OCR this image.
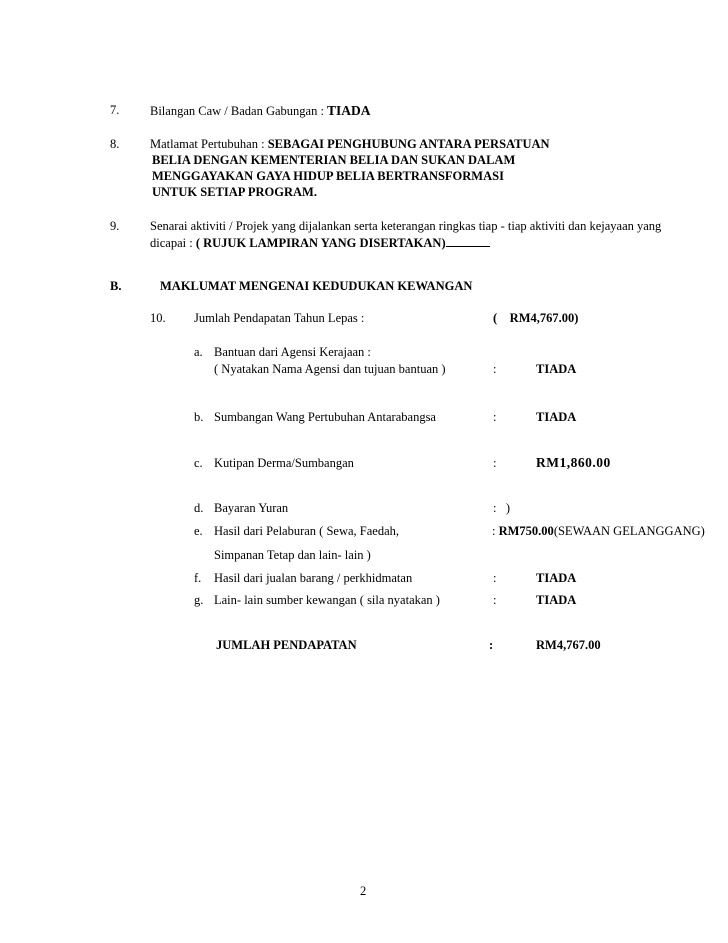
7. Bilangan Caw / Badan Gabungan : TIADA
8. Matlamat Pertubuhan : SEBAGAI PENGHUBUNG ANTARA PERSATUAN
BELIA DENGAN KEMENTERIAN BELIA DAN SUKAN DALAM
MENGGAYAKAN GAYA HIDUP BELIA BERTRANSFORMASI
UNTUK SETIAP PROGRAM.
9. Senarai aktiviti / Projek yang dijalankan serta keterangan ringkas tiap - tiap aktiviti dan kejayaan yang
dicapai : ( RUJUK LAMPIRAN YANG DISERTAKAN)
B.	MAKLUMAT MENGENAI KEDUDUKAN KEWANGAN
10. Jumlah Pendapatan Tahun Lepas :	(    RM4,767.00)
a. Bantuan dari Agensi Kerajaan :
( Nyatakan Nama Agensi dan tujuan bantuan )	:	TIADA
b. Sumbangan Wang Pertubuhan Antarabangsa	:	TIADA
c. Kutipan Derma/Sumbangan	:	RM1,860.00
d. Bayaran Yuran	:   )
e. Hasil dari Pelaburan ( Sewa, Faedah,	: RM750.00(SEWAAN GELANGGANG)
Simpanan Tetap dan lain- lain )
f. Hasil dari jualan barang / perkhidmatan	:	TIADA
g. Lain- lain sumber kewangan ( sila nyatakan )	:	TIADA
JUMLAH PENDAPATAN	:	RM4,767.00
2
